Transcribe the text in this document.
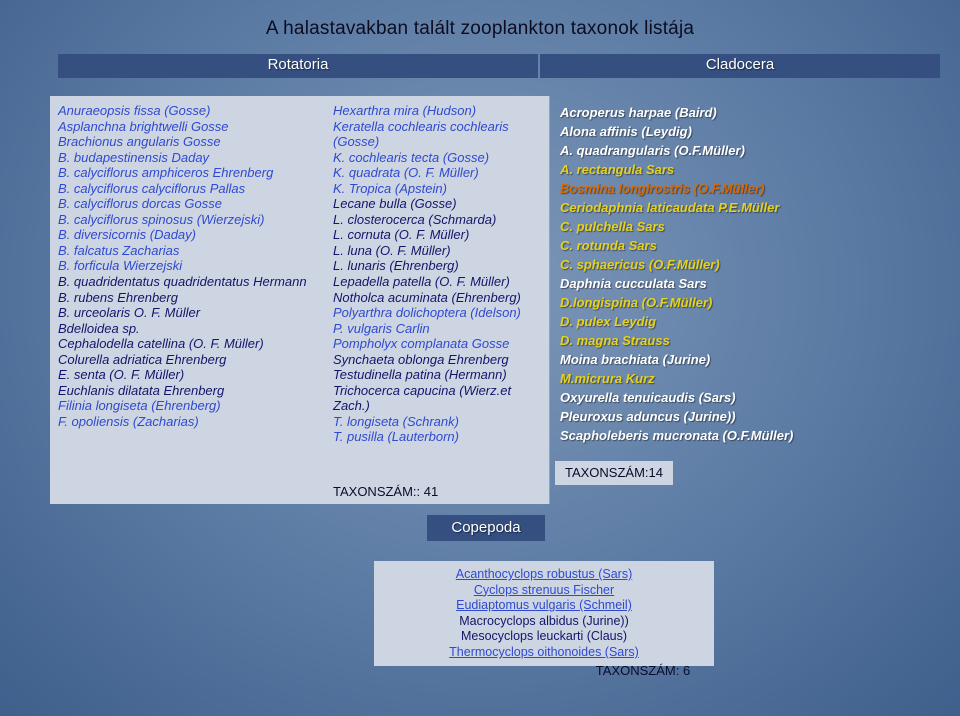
A halastavakban talált zooplankton taxonok listája
Rotatoria	Cladocera
Anuraeopsis fissa (Gosse)
Asplanchna brightwelli Gosse
Brachionus angularis Gosse
B. budapestinensis Daday
B. calyciflorus amphiceros Ehrenberg
B. calyciflorus calyciflorus Pallas
B. calyciflorus dorcas Gosse
B. calyciflorus spinosus (Wierzejski)
B. diversicornis (Daday)
B. falcatus Zacharias
B. forficula Wierzejski
B. quadridentatus quadridentatus Hermann
B. rubens Ehrenberg
B. urceolaris O. F. Müller
Bdelloidea sp.
Cephalodella catellina (O. F. Müller)
Colurella adriatica Ehrenberg
E. senta (O. F. Müller)
Euchlanis dilatata Ehrenberg
Filinia longiseta (Ehrenberg)
F. opoliensis (Zacharias)
Hexarthra mira (Hudson)
Keratella cochlearis cochlearis
(Gosse)
K. cochlearis tecta (Gosse)
K. quadrata (O. F. Müller)
K. Tropica (Apstein)
Lecane bulla (Gosse)
L. closterocerca (Schmarda)
L. cornuta (O. F. Müller)
L. luna (O. F. Müller)
L. lunaris (Ehrenberg)
Lepadella patella (O. F. Müller)
Notholca acuminata (Ehrenberg)
Polyarthra dolichoptera (Idelson)
P. vulgaris Carlin
Pompholyx complanata Gosse
Synchaeta oblonga Ehrenberg
Testudinella patina (Hermann)
Trichocerca capucina (Wierz.et
Zach.)
T. longiseta (Schrank)
T. pusilla (Lauterborn)
TAXONSZÁM:: 41
Acroperus harpae (Baird)
Alona affinis (Leydig)
A. quadrangularis (O.F.Müller)
A. rectangula Sars
Bosmina longirostris (O.F.Müller)
Ceriodaphnia laticaudata P.E.Müller
C. pulchella Sars
C. rotunda Sars
C. sphaericus (O.F.Müller)
Daphnia cucculata Sars
D.longispina (O.F.Müller)
D. pulex Leydig
D. magna Strauss
Moina brachiata (Jurine)
M.micrura Kurz
Oxyurella tenuicaudis (Sars)
Pleuroxus aduncus (Jurine))
Scapholeberis mucronata (O.F.Müller)
TAXONSZÁM:14
Copepoda
Acanthocyclops robustus (Sars)
Cyclops strenuus Fischer
Eudiaptomus vulgaris (Schmeil)
Macrocyclops albidus (Jurine))
Mesocyclops leuckarti (Claus)
Thermocyclops oithonoides (Sars)
TAXONSZÁM: 6
